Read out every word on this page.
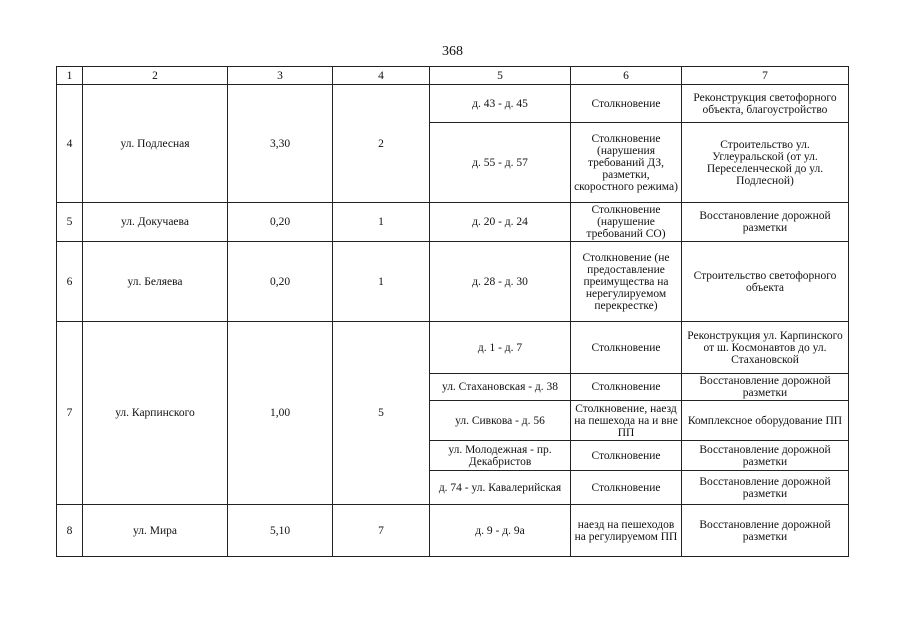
368
1	2	3	4	5	6	7
4	ул. Подлесная	3,30	2	д. 43 - д. 45	Столкновение	Реконструкция светофорного объекта, благоустройство
				д. 55 - д. 57	Столкновение (нарушения требований ДЗ, разметки, скоростного режима)	Строительство ул. Углеуральской (от ул. Переселенческой до ул. Подлесной)
5	ул. Докучаева	0,20	1	д. 20 - д. 24	Столкновение (нарушение требований СО)	Восстановление дорожной разметки
6	ул. Беляева	0,20	1	д. 28 - д. 30	Столкновение (не предоставление преимущества на нерегулируемом перекрестке)	Строительство светофорного объекта
7	ул. Карпинского	1,00	5	д. 1 - д. 7	Столкновение	Реконструкция ул. Карпинского от ш. Космонавтов до ул. Стахановской
				ул. Стахановская - д. 38	Столкновение	Восстановление дорожной разметки
				ул. Сивкова - д. 56	Столкновение, наезд на пешехода на и вне ПП	Комплексное оборудование ПП
				ул. Молодежная - пр. Декабристов	Столкновение	Восстановление дорожной разметки
				д. 74 - ул. Кавалерийская	Столкновение	Восстановление дорожной разметки
8	ул. Мира	5,10	7	д. 9 - д. 9а	наезд на пешеходов на регулируемом ПП	Восстановление дорожной разметки
